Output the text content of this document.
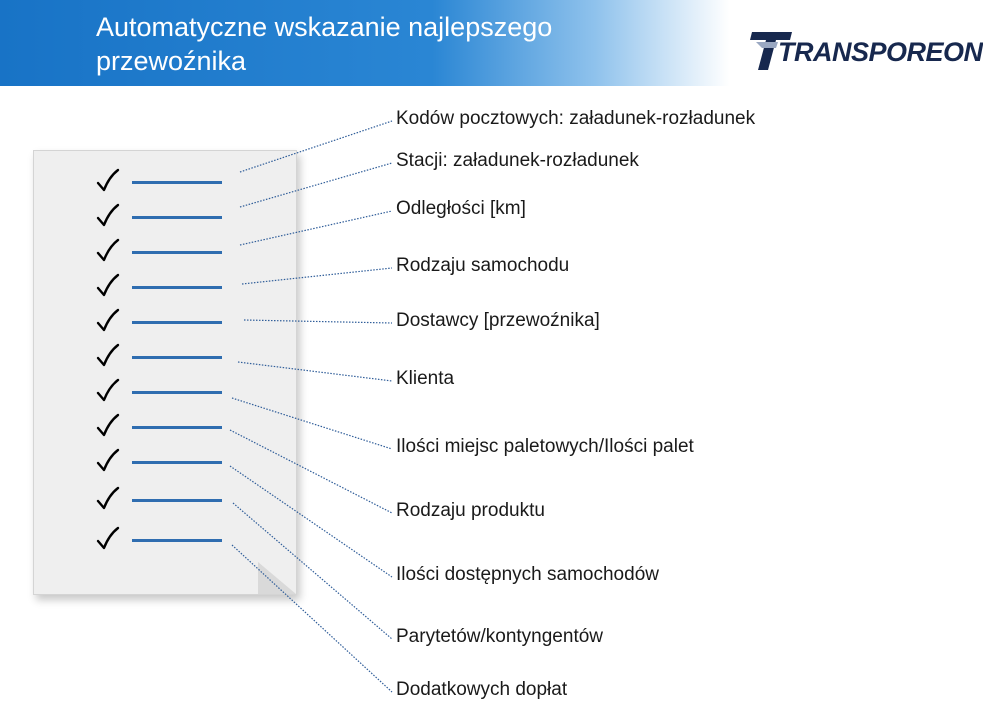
Automatyczne wskazanie najlepszego przewoźnika	TRANSPOREON
Kodów pocztowych: załadunek-rozładunek
Stacji: załadunek-rozładunek
Odległości [km]
Rodzaju samochodu
Dostawcy [przewoźnika]
Klienta
Ilości miejsc paletowych/Ilości palet
Rodzaju produktu
Ilości dostępnych samochodów
Parytetów/kontyngentów
Dodatkowych dopłat
